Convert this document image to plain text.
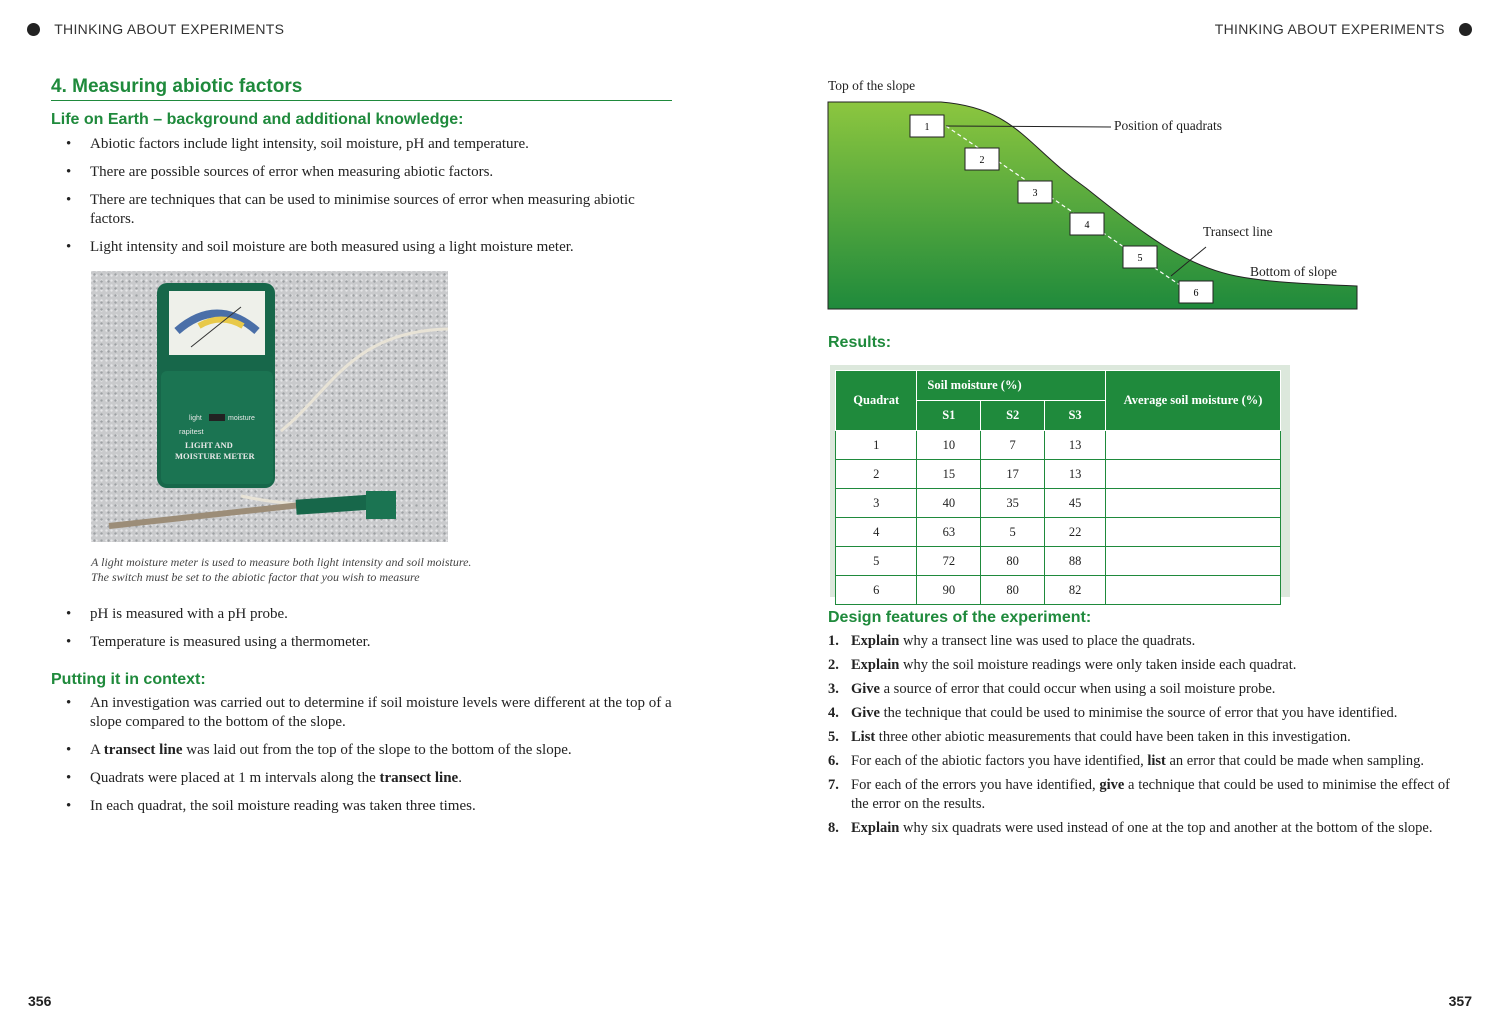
THINKING ABOUT EXPERIMENTS	THINKING ABOUT EXPERIMENTS
4. Measuring abiotic factors
Life on Earth – background and additional knowledge:
• Abiotic factors include light intensity, soil moisture, pH and temperature.
• There are possible sources of error when measuring abiotic factors.
• There are techniques that can be used to minimise sources of error when measuring abiotic factors.
• Light intensity and soil moisture are both measured using a light moisture meter.
light	moisture
rapitest
LIGHT AND
MOISTURE METER
A light moisture meter is used to measure both light intensity and soil moisture.
The switch must be set to the abiotic factor that you wish to measure
• pH is measured with a pH probe.
• Temperature is measured using a thermometer.
Putting it in context:
• An investigation was carried out to determine if soil moisture levels were different at the top of a slope compared to the bottom of the slope.
• A transect line was laid out from the top of the slope to the bottom of the slope.
• Quadrats were placed at 1 m intervals along the transect line.
• In each quadrat, the soil moisture reading was taken three times.
356
Top of the slope
1
2
3
4
5
6
Position of quadrats
Transect line
Bottom of slope
Results:
Quadrat	Soil moisture (%)			Average soil moisture (%)
	S1	S2	S3	
1	10	7	13	
2	15	17	13	
3	40	35	45	
4	63	5	22	
5	72	80	88	
6	90	80	82	
Design features of the experiment:
1. Explain why a transect line was used to place the quadrats.
2. Explain why the soil moisture readings were only taken inside each quadrat.
3. Give a source of error that could occur when using a soil moisture probe.
4. Give the technique that could be used to minimise the source of error that you have identified.
5. List three other abiotic measurements that could have been taken in this investigation.
6. For each of the abiotic factors you have identified, list an error that could be made when sampling.
7. For each of the errors you have identified, give a technique that could be used to minimise the effect of the error on the results.
8. Explain why six quadrats were used instead of one at the top and another at the bottom of the slope.
357
